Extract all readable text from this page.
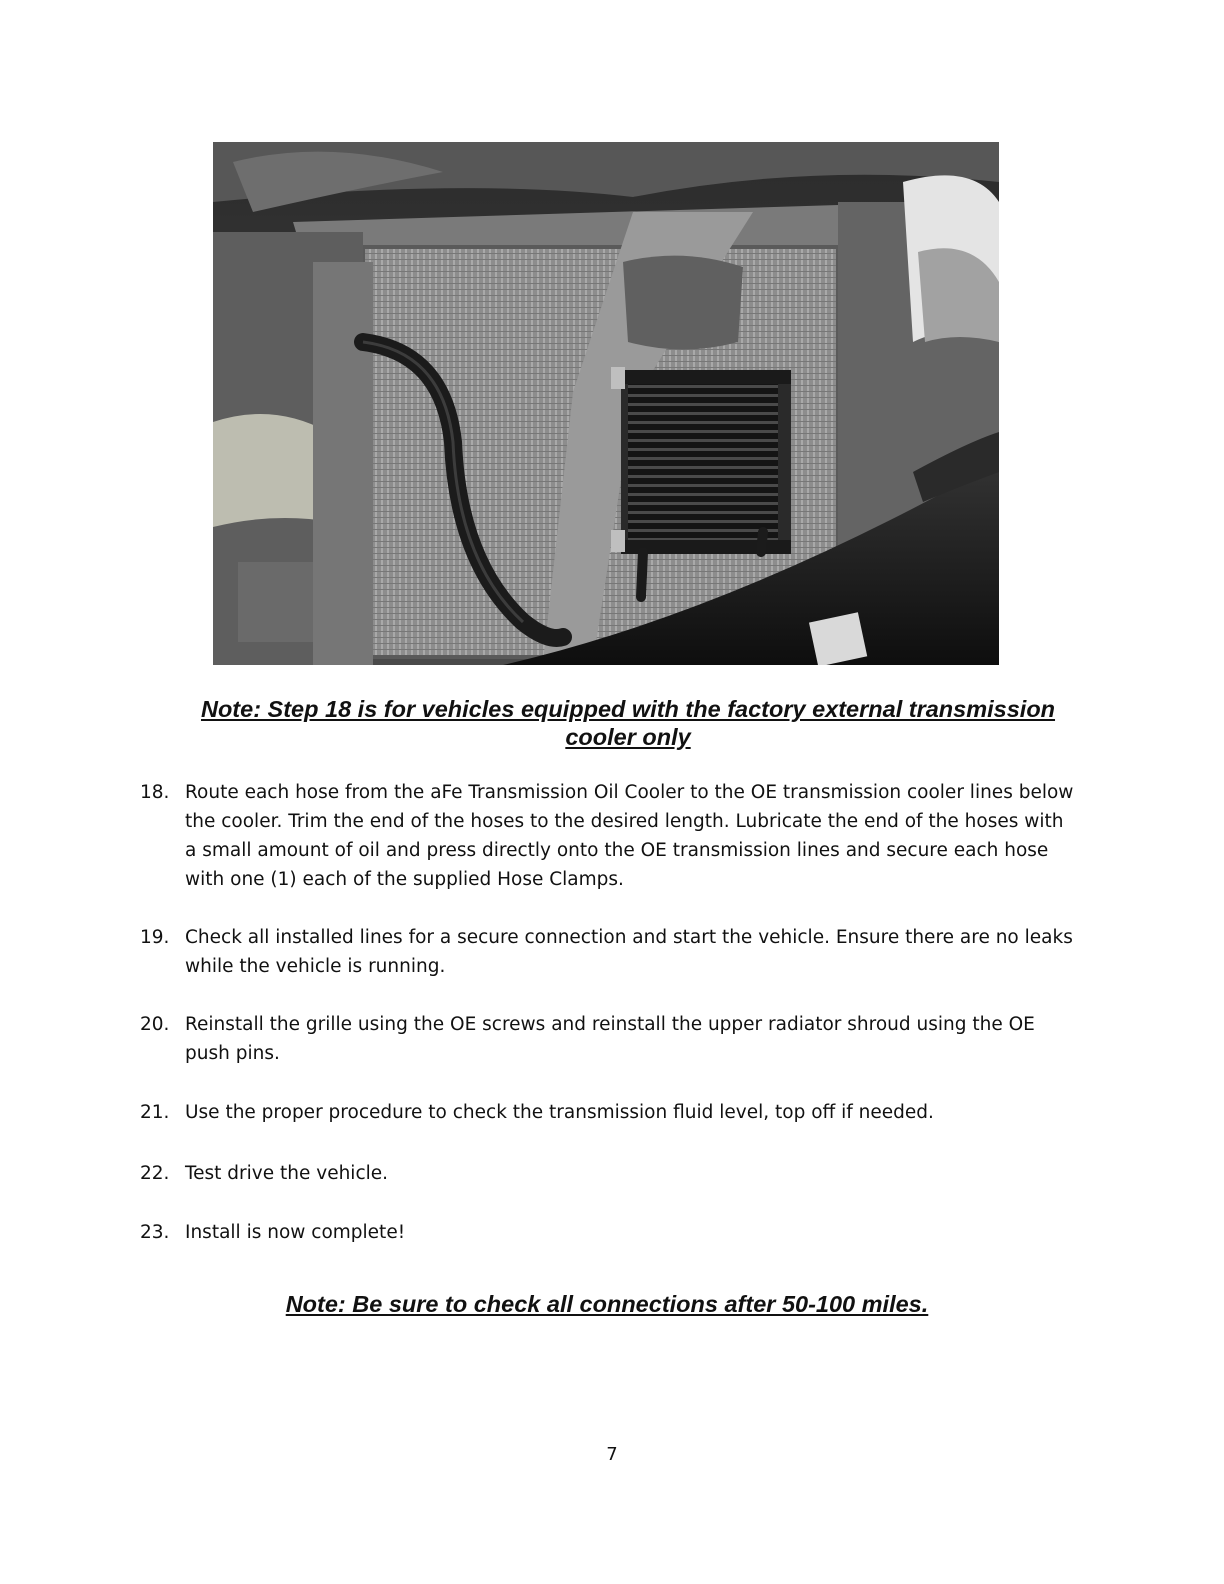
Note: Step 18 is for vehicles equipped with the factory external transmission
cooler only
18. Route each hose from the aFe Transmission Oil Cooler to the OE transmission cooler lines below the cooler. Trim the end of the hoses to the desired length. Lubricate the end of the hoses with a small amount of oil and press directly onto the OE transmission lines and secure each hose with one (1) each of the supplied Hose Clamps.
19. Check all installed lines for a secure connection and start the vehicle. Ensure there are no leaks while the vehicle is running.
20. Reinstall the grille using the OE screws and reinstall the upper radiator shroud using the OE push pins.
21. Use the proper procedure to check the transmission fluid level, top off if needed.
22. Test drive the vehicle.
23. Install is now complete!
Note: Be sure to check all connections after 50-100 miles.
7
